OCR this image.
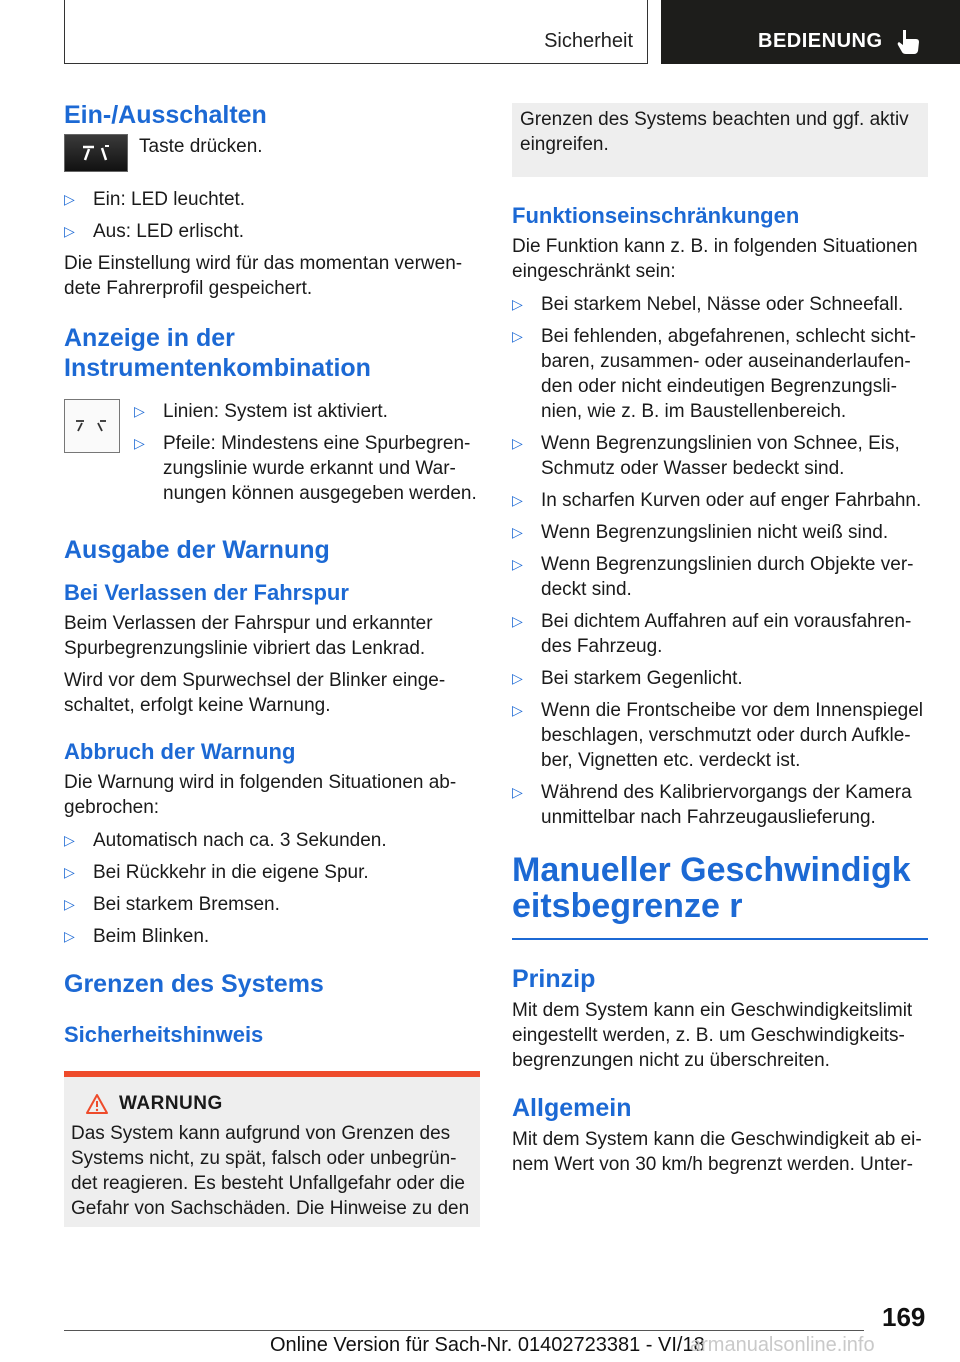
Sicherheit	BEDIENUNG
Ein-/Ausschalten

Taste drücken.

▷ Ein: LED leuchtet.
▷ Aus: LED erlischt.

Die Einstellung wird für das momentan verwen‐dete Fahrerprofil gespeichert.

Anzeige in der Instrumentenkombination
▷ Linien: System ist aktiviert.
▷ Pfeile: Mindestens eine Spurbegren‐zungslinie wurde erkannt und War‐nungen können ausgegeben werden.
Ausgabe der Warnung
Bei Verlassen der Fahrspur

Beim Verlassen der Fahrspur und erkannter Spurbegrenzungslinie vibriert das Lenkrad.

Wird vor dem Spurwechsel der Blinker einge‐schaltet, erfolgt keine Warnung.

Abbruch der Warnung

Die Warnung wird in folgenden Situationen ab‐gebrochen:

▷ Automatisch nach ca. 3 Sekunden.
▷ Bei Rückkehr in die eigene Spur.
▷ Bei starkem Bremsen.
▷ Beim Blinken.
Grenzen des Systems
Sicherheitshinweis
WARNUNG

Das System kann aufgrund von Grenzen des Systems nicht, zu spät, falsch oder unbegrün‐det reagieren. Es besteht Unfallgefahr oder die Gefahr von Sachschäden. Die Hinweise zu den

Grenzen des Systems beachten und ggf. aktiv eingreifen.

Funktionseinschränkungen

Die Funktion kann z. B. in folgenden Situationen eingeschränkt sein:

▷ Bei starkem Nebel, Nässe oder Schneefall.
▷ Bei fehlenden, abgefahrenen, schlecht sicht‐baren, zusammen- oder auseinanderlaufen‐den oder nicht eindeutigen Begrenzungsli‐nien, wie z. B. im Baustellenbereich.
▷ Wenn Begrenzungslinien von Schnee, Eis, Schmutz oder Wasser bedeckt sind.
▷ In scharfen Kurven oder auf enger Fahrbahn.
▷ Wenn Begrenzungslinien nicht weiß sind.
▷ Wenn Begrenzungslinien durch Objekte ver‐deckt sind.
▷ Bei dichtem Auffahren auf ein vorausfahren‐des Fahrzeug.
▷ Bei starkem Gegenlicht.
▷ Wenn die Frontscheibe vor dem Innenspiegel beschlagen, verschmutzt oder durch Aufkle‐ber, Vignetten etc. verdeckt ist.
▷ Während des Kalibriervorgangs der Kamera unmittelbar nach Fahrzeugauslieferung.
Manueller Geschwindigkeitsbegrenze r
Prinzip

Mit dem System kann ein Geschwindigkeitslimit eingestellt werden, z. B. um Geschwindigkeits‐begrenzungen nicht zu überschreiten.

Allgemein

Mit dem System kann die Geschwindigkeit ab ei‐nem Wert von 30 km/h begrenzt werden. Unter‐

169
Online Version für Sach-Nr. 01402723381 - VI/18
armanualsonline.info
